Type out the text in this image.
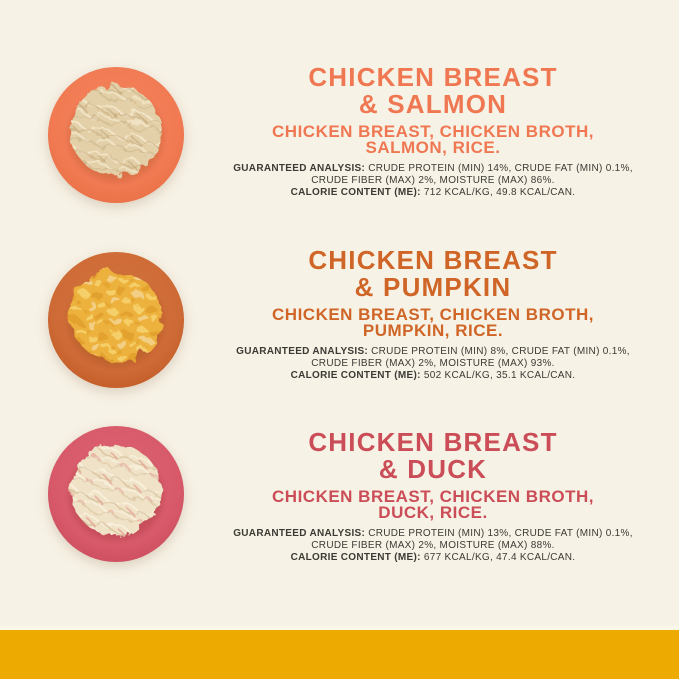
CHICKEN BREAST
& SALMON

CHICKEN BREAST, CHICKEN BROTH,
SALMON, RICE.

GUARANTEED ANALYSIS: CRUDE PROTEIN (MIN) 14%, CRUDE FAT (MIN) 0.1%,
CRUDE FIBER (MAX) 2%, MOISTURE (MAX) 86%.
CALORIE CONTENT (ME): 712 KCAL/KG, 49.8 KCAL/CAN.

CHICKEN BREAST
& PUMPKIN

CHICKEN BREAST, CHICKEN BROTH,
PUMPKIN, RICE.

GUARANTEED ANALYSIS: CRUDE PROTEIN (MIN) 8%, CRUDE FAT (MIN) 0.1%,
CRUDE FIBER (MAX) 2%, MOISTURE (MAX) 93%.
CALORIE CONTENT (ME): 502 KCAL/KG, 35.1 KCAL/CAN.

CHICKEN BREAST
& DUCK

CHICKEN BREAST, CHICKEN BROTH,
DUCK, RICE.

GUARANTEED ANALYSIS: CRUDE PROTEIN (MIN) 13%, CRUDE FAT (MIN) 0.1%,
CRUDE FIBER (MAX) 2%, MOISTURE (MAX) 88%.
CALORIE CONTENT (ME): 677 KCAL/KG, 47.4 KCAL/CAN.
